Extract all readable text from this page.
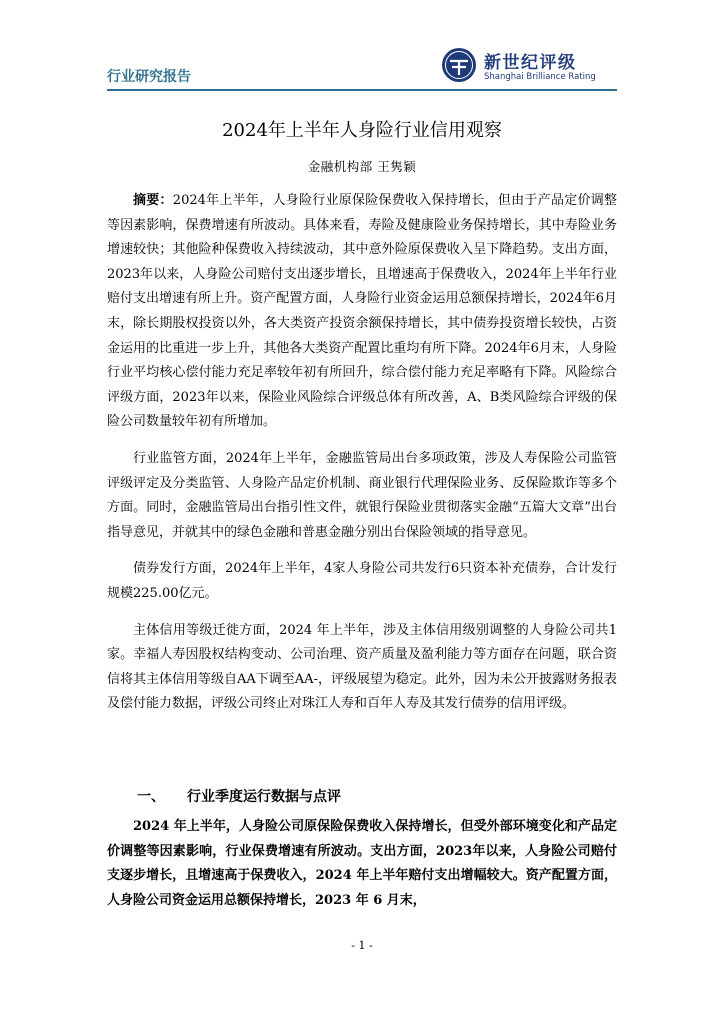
行业研究报告
新世纪评级
Shanghai Brilliance Rating
2024年上半年人身险行业信用观察
金融机构部 王隽颖

摘要：2024年上半年，人身险行业原保险保费收入保持增长，但由于产品定价调整等因素影响，保费增速有所波动。具体来看，寿险及健康险业务保持增长，其中寿险业务增速较快；其他险种保费收入持续波动，其中意外险原保费收入呈下降趋势。支出方面，2023年以来，人身险公司赔付支出逐步增长，且增速高于保费收入，2024年上半年行业赔付支出增速有所上升。资产配置方面，人身险行业资金运用总额保持增长，2024年6月末，除长期股权投资以外，各大类资产投资余额保持增长，其中债券投资增长较快，占资金运用的比重进一步上升，其他各大类资产配置比重均有所下降。2024年6月末，人身险行业平均核心偿付能力充足率较年初有所回升，综合偿付能力充足率略有下降。风险综合评级方面，2023年以来，保险业风险综合评级总体有所改善，A、B类风险综合评级的保险公司数量较年初有所增加。

行业监管方面，2024年上半年，金融监管局出台多项政策，涉及人寿保险公司监管评级评定及分类监管、人身险产品定价机制、商业银行代理保险业务、反保险欺诈等多个方面。同时，金融监管局出台指引性文件，就银行保险业贯彻落实金融“五篇大文章”出台指导意见，并就其中的绿色金融和普惠金融分别出台保险领域的指导意见。

债券发行方面，2024年上半年，4家人身险公司共发行6只资本补充债券，合计发行规模225.00亿元。

主体信用等级迁徙方面，2024 年上半年，涉及主体信用级别调整的人身险公司共1家。幸福人寿因股权结构变动、公司治理、资产质量及盈利能力等方面存在问题，联合资信将其主体信用等级自AA下调至AA-，评级展望为稳定。此外，因为未公开披露财务报表及偿付能力数据，评级公司终止对珠江人寿和百年人寿及其发行债券的信用评级。

一、 行业季度运行数据与点评

2024 年上半年，人身险公司原保险保费收入保持增长，但受外部环境变化和产品定价调整等因素影响，行业保费增速有所波动。支出方面，2023年以来，人身险公司赔付支逐步增长，且增速高于保费收入，2024 年上半年赔付支出增幅较大。资产配置方面，人身险公司资金运用总额保持增长，2023 年 6 月末，

- 1 -
